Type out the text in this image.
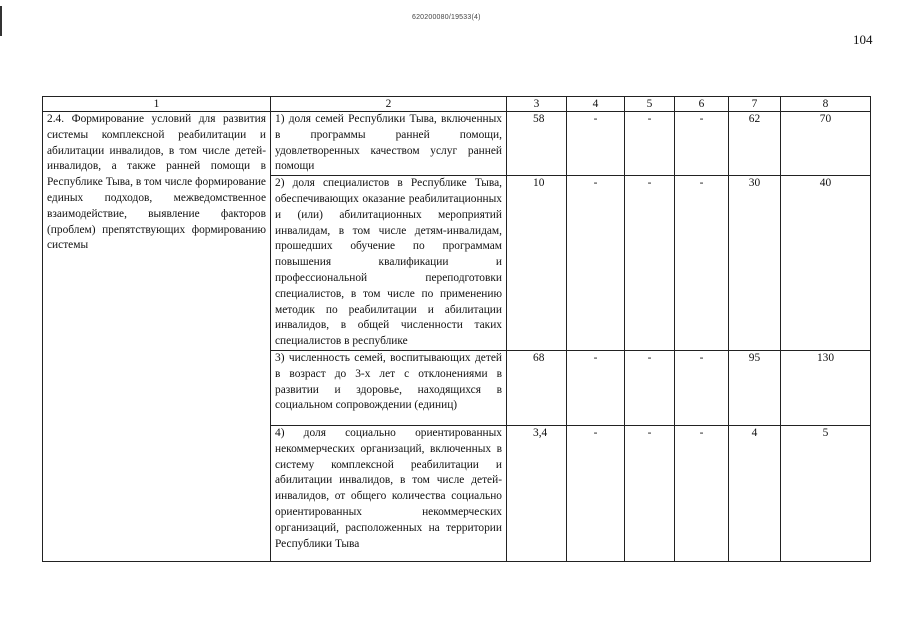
620200080/19533(4)
104
1	2	3	4	5	6	7	8
2.4. Формирование условий для развития системы комплексной реабилитации и абилитации инвалидов, в том числе детей-инвалидов, а также ранней помощи в Республике Тыва, в том числе формирование единых подходов, межведомственное взаимодействие, выявление факторов (проблем) препятствующих формированию системы	1) доля семей Республики Тыва, включенных в программы ранней помощи, удовлетворенных качеством услуг ранней помощи	58	-	-	-	62	70
	2) доля специалистов в Республике Тыва, обеспечивающих оказание реабилитационных и (или) абилитационных мероприятий инвалидам, в том числе детям-инвалидам, прошедших обучение по программам повышения квалификации и профессиональной переподготовки специалистов, в том числе по применению методик по реабилитации и абилитации инвалидов, в общей численности таких специалистов в республике	10	-	-	-	30	40
	3) численность семей, воспитывающих детей в возраст до 3-х лет с отклонениями в развитии и здоровье, находящихся в социальном сопровождении (единиц)	68	-	-	-	95	130
	4) доля социально ориентированных некоммерческих организаций, включенных в систему комплексной реабилитации и абилитации инвалидов, в том числе детей-инвалидов, от общего количества социально ориентированных некоммерческих организаций, расположенных на территории Республики Тыва	3,4	-	-	-	4	5
